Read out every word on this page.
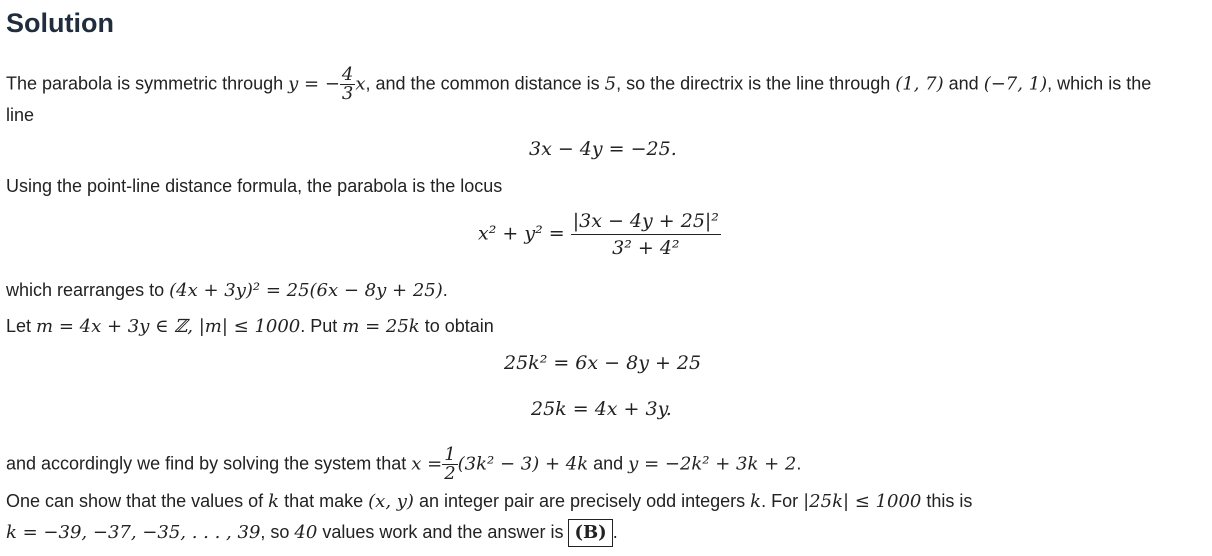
Solution
The parabola is symmetric through y = − $\frac{4}{3} x$, and the common distance is 5, so the directrix is the line through (1, 7) and (−7, 1), which is the
line
3x − 4y = −25.
Using the point-line distance formula, the parabola is the locus
$x^2 + y^2 = \frac{\text{|3x − 4y + 25|²}}{\text{3² + 4²}}$
which rearranges to (4x + 3y)² = 25(6x − 8y + 25).
Let m = 4x + 3y ∈ ℤ, |m| ≤ 1000. Put m = 25k to obtain
25k² = 6x − 8y + 25
25k = 4x + 3y.
and accordingly we find by solving the system that $x = \frac{1}{2} (3k^2 - 3) + 4k$ and y = −2k² + 3k + 2.
One can show that the values of k that make (x, y) an integer pair are precisely odd integers k. For |25k| ≤ 1000 this is
k = −39, −37, −35, . . . , 39, so 40 values work and the answer is (B) .
